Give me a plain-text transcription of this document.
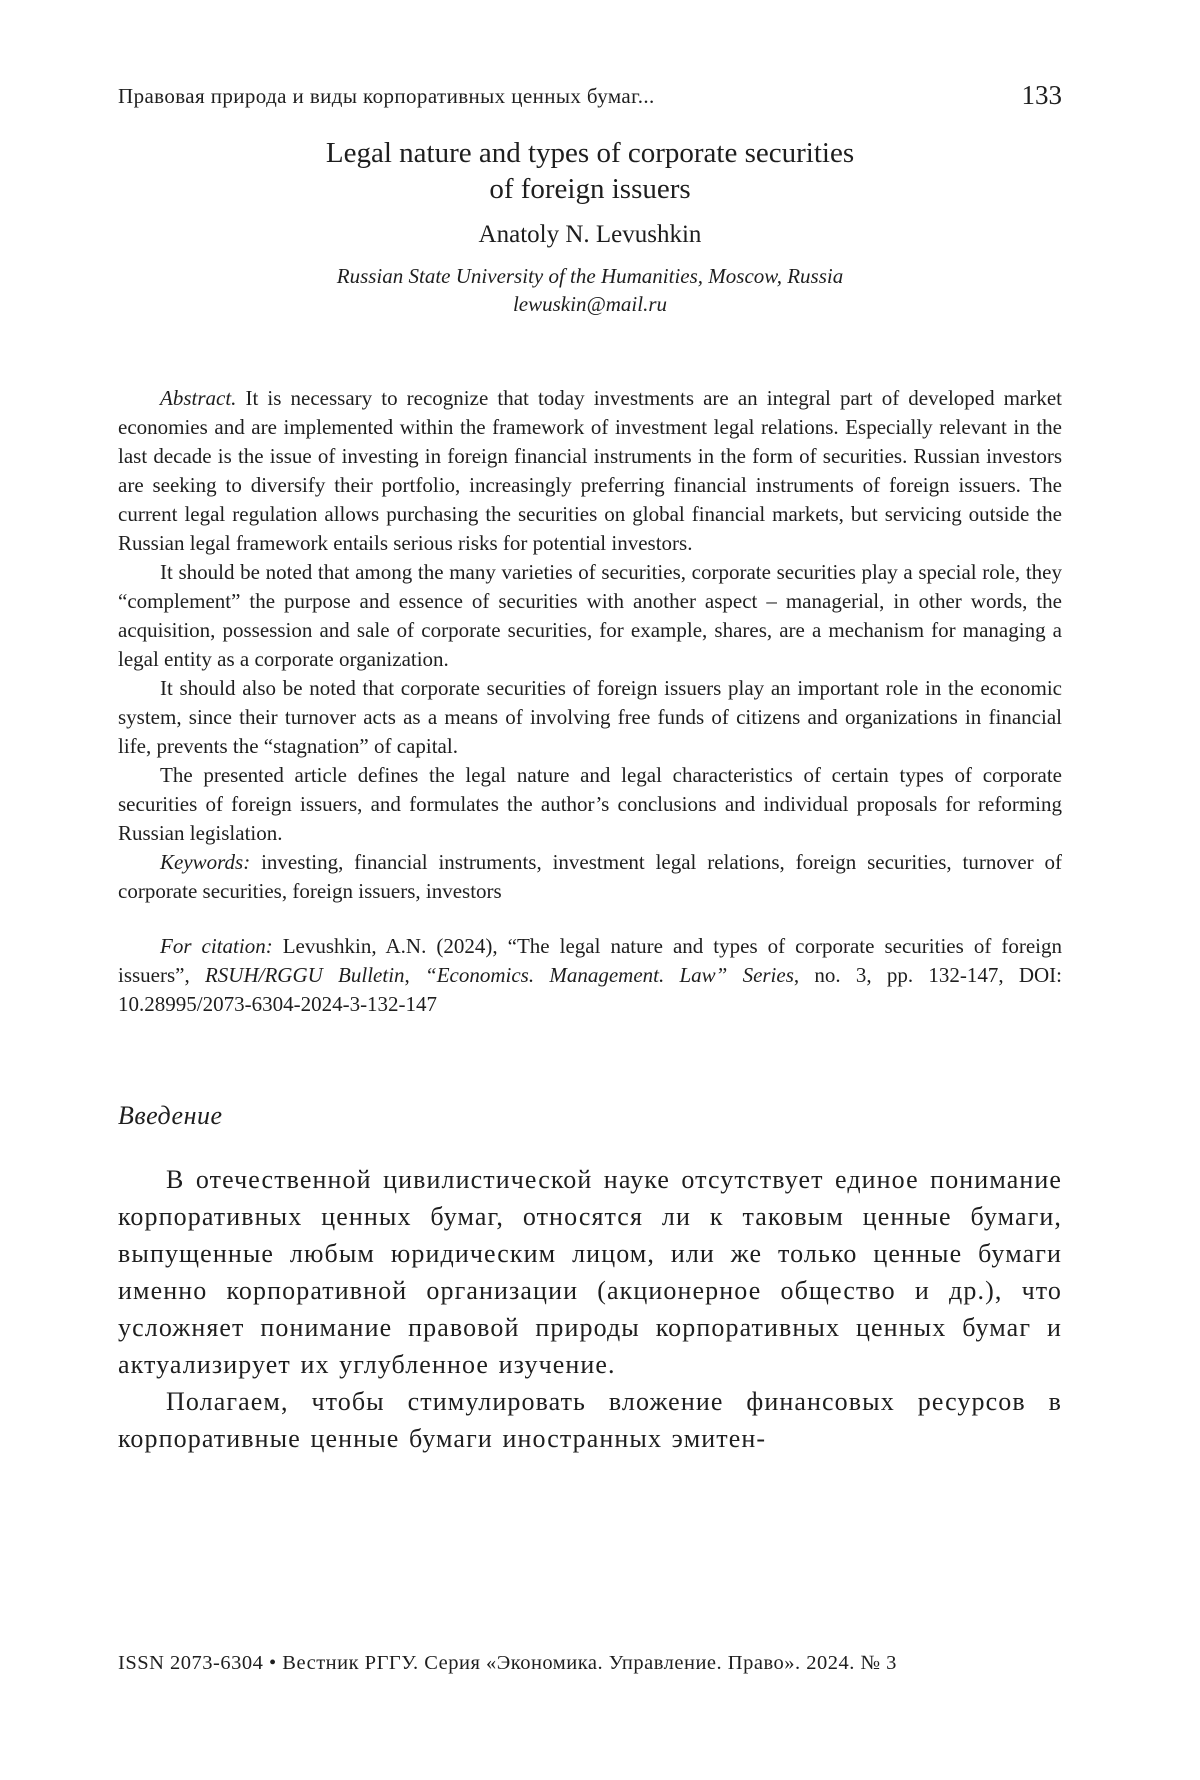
Правовая природа и виды корпоративных ценных бумаг...	133
Legal nature and types of corporate securities
of foreign issuers
Anatoly N. Levushkin
Russian State University of the Humanities, Moscow, Russia
lewuskin@mail.ru

Abstract. It is necessary to recognize that today investments are an integral part of developed market economies and are implemented within the framework of investment legal relations. Especially relevant in the last decade is the issue of investing in foreign financial instruments in the form of securities. Russian investors are seeking to diversify their portfolio, increasingly preferring financial instruments of foreign issuers. The current legal regulation allows purchasing the securities on global financial markets, but servicing outside the Russian legal framework entails serious risks for potential investors.

It should be noted that among the many varieties of securities, corporate securities play a special role, they “complement” the purpose and essence of securities with another aspect – managerial, in other words, the acquisition, possession and sale of corporate securities, for example, shares, are a mechanism for managing a legal entity as a corporate organization.

It should also be noted that corporate securities of foreign issuers play an important role in the economic system, since their turnover acts as a means of involving free funds of citizens and organizations in financial life, prevents the “stagnation” of capital.

The presented article defines the legal nature and legal characteristics of certain types of corporate securities of foreign issuers, and formulates the author’s conclusions and individual proposals for reforming Russian legislation.

Keywords: investing, financial instruments, investment legal relations, foreign securities, turnover of corporate securities, foreign issuers, investors

For citation: Levushkin, A.N. (2024), “The legal nature and types of corporate securities of foreign issuers”, RSUH/RGGU Bulletin, “Economics. Management. Law” Series, no. 3, pp. 132-147, DOI: 10.28995/2073-6304-2024-3-132-147

Введение

В отечественной цивилистической науке отсутствует единое понимание корпоративных ценных бумаг, относятся ли к таковым ценные бумаги, выпущенные любым юридическим лицом, или же только ценные бумаги именно корпоративной организации (акционерное общество и др.), что усложняет понимание правовой природы корпоративных ценных бумаг и актуализирует их углубленное изучение.

Полагаем, чтобы стимулировать вложение финансовых ресурсов в корпоративные ценные бумаги иностранных эмитен-

ISSN 2073-6304 • Вестник РГГУ. Серия «Экономика. Управление. Право». 2024. № 3
